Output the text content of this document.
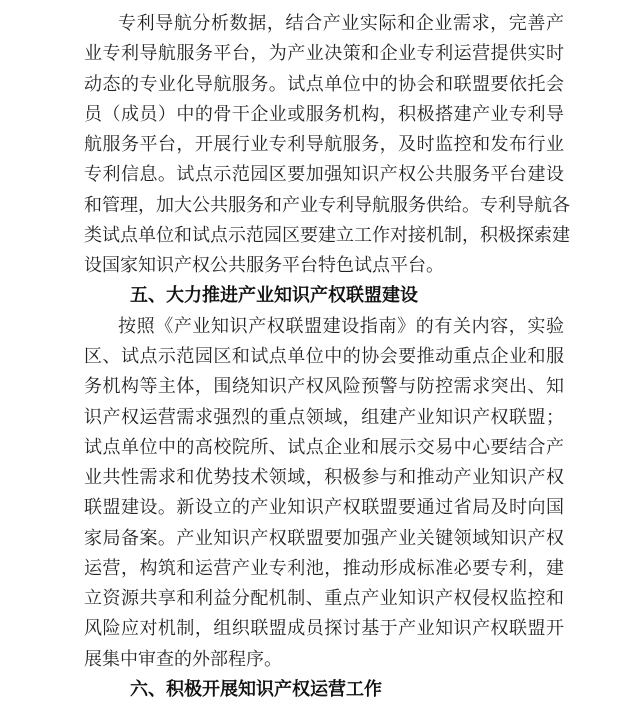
专利导航分析数据，结合产业实际和企业需求，完善产
业专利导航服务平台，为产业决策和企业专利运营提供实时
动态的专业化导航服务。试点单位中的协会和联盟要依托会
员（成员）中的骨干企业或服务机构，积极搭建产业专利导
航服务平台，开展行业专利导航服务，及时监控和发布行业
专利信息。试点示范园区要加强知识产权公共服务平台建设
和管理，加大公共服务和产业专利导航服务供给。专利导航各
类试点单位和试点示范园区要建立工作对接机制，积极探索建
设国家知识产权公共服务平台特色试点平台。
五、大力推进产业知识产权联盟建设
按照《产业知识产权联盟建设指南》的有关内容，实验
区、试点示范园区和试点单位中的协会要推动重点企业和服
务机构等主体，围绕知识产权风险预警与防控需求突出、知
识产权运营需求强烈的重点领域，组建产业知识产权联盟；
试点单位中的高校院所、试点企业和展示交易中心要结合产
业共性需求和优势技术领域，积极参与和推动产业知识产权
联盟建设。新设立的产业知识产权联盟要通过省局及时向国
家局备案。产业知识产权联盟要加强产业关键领域知识产权
运营，构筑和运营产业专利池，推动形成标准必要专利，建
立资源共享和利益分配机制、重点产业知识产权侵权监控和
风险应对机制，组织联盟成员探讨基于产业知识产权联盟开
展集中审查的外部程序。
六、积极开展知识产权运营工作
